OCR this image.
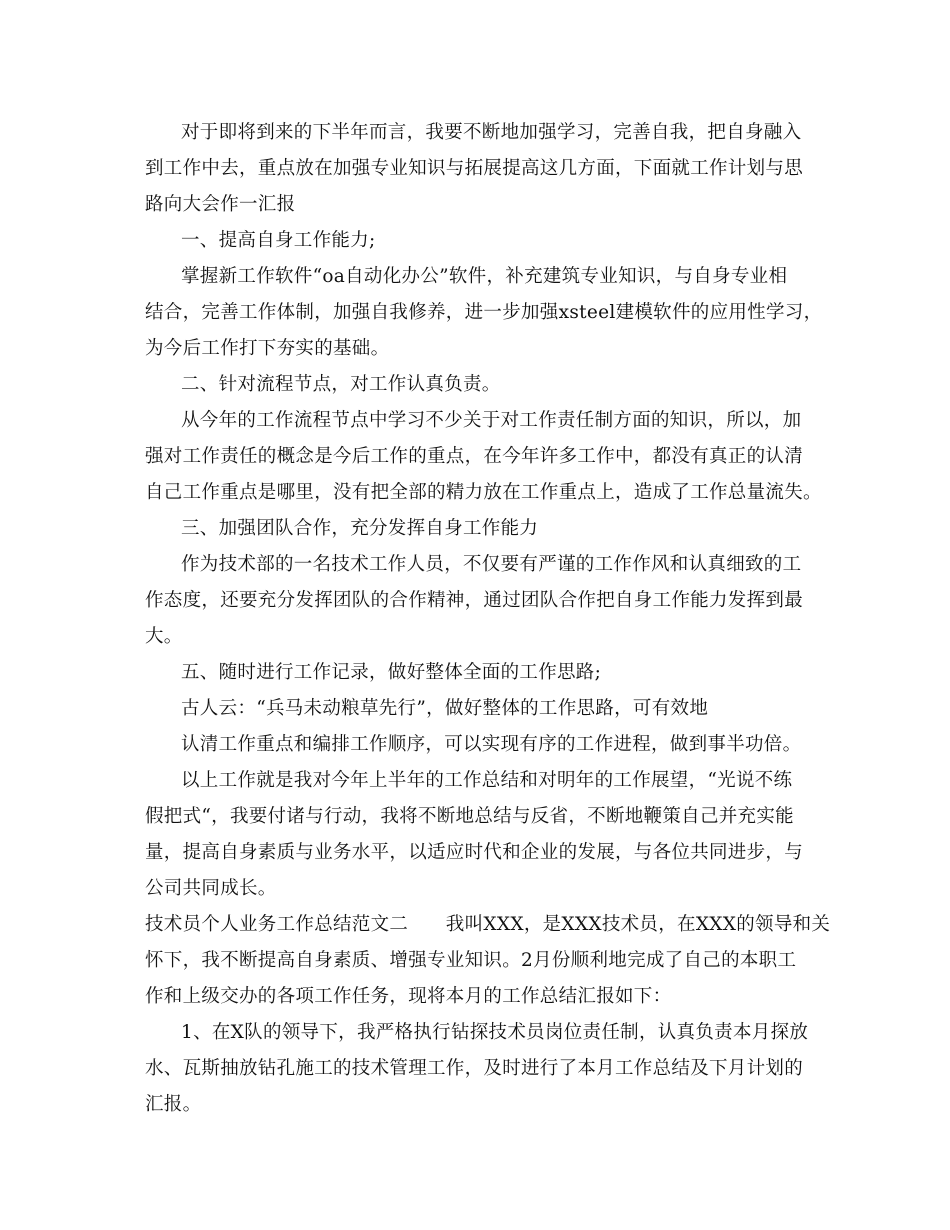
对于即将到来的下半年而言，我要不断地加强学习，完善自我，把自身融入
到工作中去，重点放在加强专业知识与拓展提高这几方面，下面就工作计划与思
路向大会作一汇报
一、提高自身工作能力;
掌握新工作软件“oa自动化办公”软件，补充建筑专业知识，与自身专业相
结合，完善工作体制，加强自我修养，进一步加强xsteel建模软件的应用性学习，
为今后工作打下夯实的基础。
二、针对流程节点，对工作认真负责。
从今年的工作流程节点中学习不少关于对工作责任制方面的知识，所以，加
强对工作责任的概念是今后工作的重点，在今年许多工作中，都没有真正的认清
自己工作重点是哪里，没有把全部的精力放在工作重点上，造成了工作总量流失。
三、加强团队合作，充分发挥自身工作能力
作为技术部的一名技术工作人员，不仅要有严谨的工作作风和认真细致的工
作态度，还要充分发挥团队的合作精神，通过团队合作把自身工作能力发挥到最
大。
五、随时进行工作记录，做好整体全面的工作思路;
古人云：“兵马未动粮草先行”，做好整体的工作思路，可有效地
认清工作重点和编排工作顺序，可以实现有序的工作进程，做到事半功倍。
以上工作就是我对今年上半年的工作总结和对明年的工作展望，“光说不练
假把式“，我要付诸与行动，我将不断地总结与反省，不断地鞭策自己并充实能
量，提高自身素质与业务水平，以适应时代和企业的发展，与各位共同进步，与
公司共同成长。
技术员个人业务工作总结范文二　　我叫XXX，是XXX技术员，在XXX的领导和关
怀下，我不断提高自身素质、增强专业知识。2月份顺利地完成了自己的本职工
作和上级交办的各项工作任务，现将本月的工作总结汇报如下：
1、在X队的领导下，我严格执行钻探技术员岗位责任制，认真负责本月探放
水、瓦斯抽放钻孔施工的技术管理工作，及时进行了本月工作总结及下月计划的
汇报。
